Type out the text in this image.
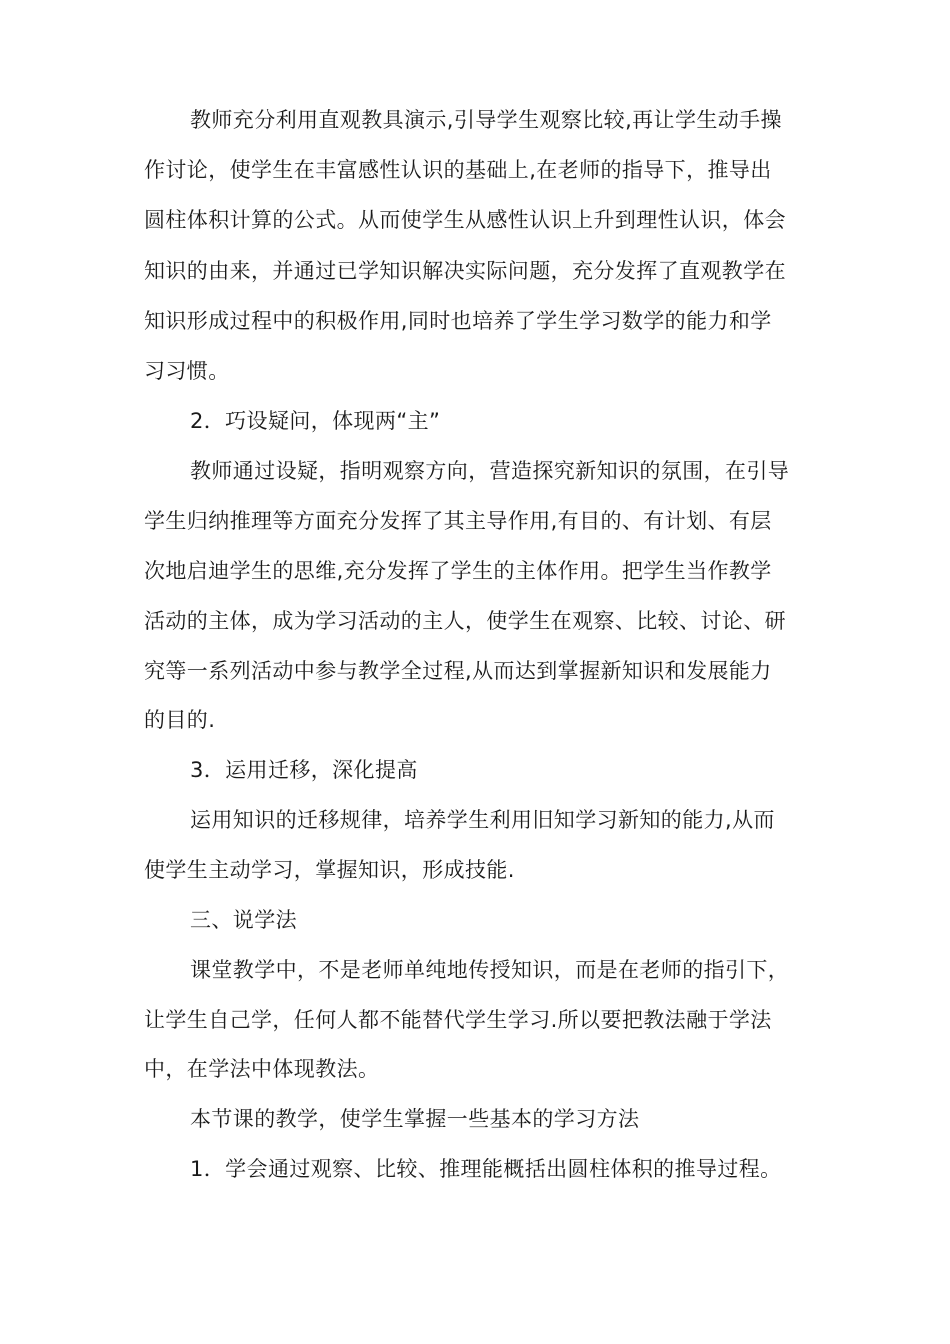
教师充分利用直观教具演示,引导学生观察比较,再让学生动手操
作讨论，使学生在丰富感性认识的基础上,在老师的指导下，推导出
圆柱体积计算的公式。从而使学生从感性认识上升到理性认识，体会
知识的由来，并通过已学知识解决实际问题，充分发挥了直观教学在
知识形成过程中的积极作用,同时也培养了学生学习数学的能力和学
习习惯。
2．巧设疑问，体现两“主”
教师通过设疑，指明观察方向，营造探究新知识的氛围，在引导
学生归纳推理等方面充分发挥了其主导作用,有目的、有计划、有层
次地启迪学生的思维,充分发挥了学生的主体作用。把学生当作教学
活动的主体，成为学习活动的主人，使学生在观察、比较、讨论、研
究等一系列活动中参与教学全过程,从而达到掌握新知识和发展能力
的目的.
3．运用迁移，深化提高
运用知识的迁移规律，培养学生利用旧知学习新知的能力,从而
使学生主动学习，掌握知识，形成技能.
三、说学法
课堂教学中，不是老师单纯地传授知识，而是在老师的指引下，
让学生自己学，任何人都不能替代学生学习.所以要把教法融于学法
中，在学法中体现教法。
本节课的教学，使学生掌握一些基本的学习方法
1．学会通过观察、比较、推理能概括出圆柱体积的推导过程。
